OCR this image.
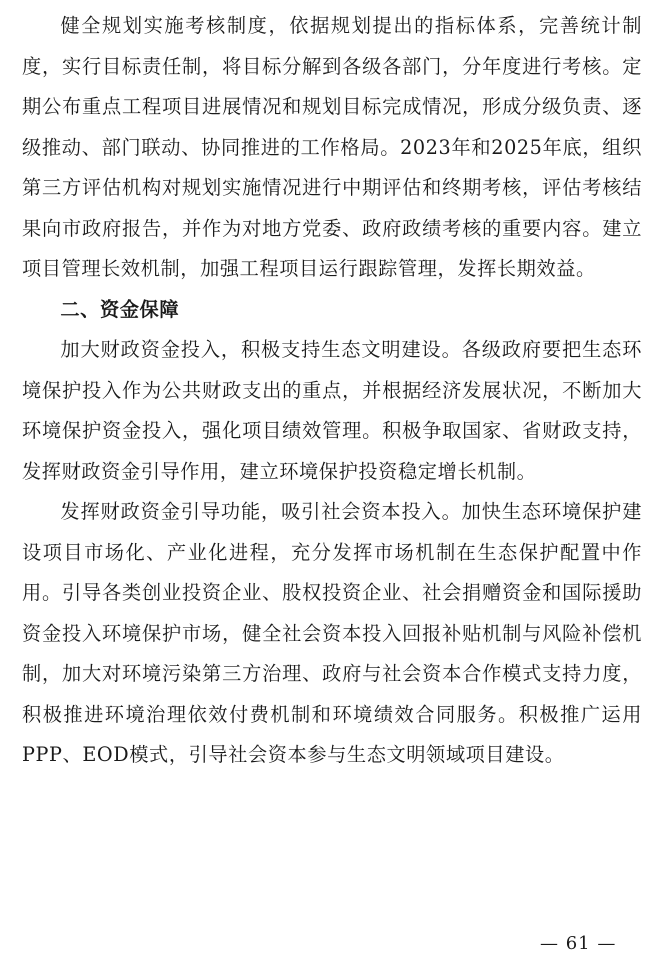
健全规划实施考核制度，依据规划提出的指标体系，完善统计制度，实行目标责任制，将目标分解到各级各部门，分年度进行考核。定期公布重点工程项目进展情况和规划目标完成情况，形成分级负责、逐级推动、部门联动、协同推进的工作格局。2023年和2025年底，组织第三方评估机构对规划实施情况进行中期评估和终期考核，评估考核结果向市政府报告，并作为对地方党委、政府政绩考核的重要内容。建立项目管理长效机制，加强工程项目运行跟踪管理，发挥长期效益。

二、资金保障

加大财政资金投入，积极支持生态文明建设。各级政府要把生态环境保护投入作为公共财政支出的重点，并根据经济发展状况，不断加大环境保护资金投入，强化项目绩效管理。积极争取国家、省财政支持，发挥财政资金引导作用，建立环境保护投资稳定增长机制。

发挥财政资金引导功能，吸引社会资本投入。加快生态环境保护建设项目市场化、产业化进程，充分发挥市场机制在生态保护配置中作用。引导各类创业投资企业、股权投资企业、社会捐赠资金和国际援助资金投入环境保护市场，健全社会资本投入回报补贴机制与风险补偿机制，加大对环境污染第三方治理、政府与社会资本合作模式支持力度，积极推进环境治理依效付费机制和环境绩效合同服务。积极推广运用PPP、EOD模式，引导社会资本参与生态文明领域项目建设。

— 61 —
